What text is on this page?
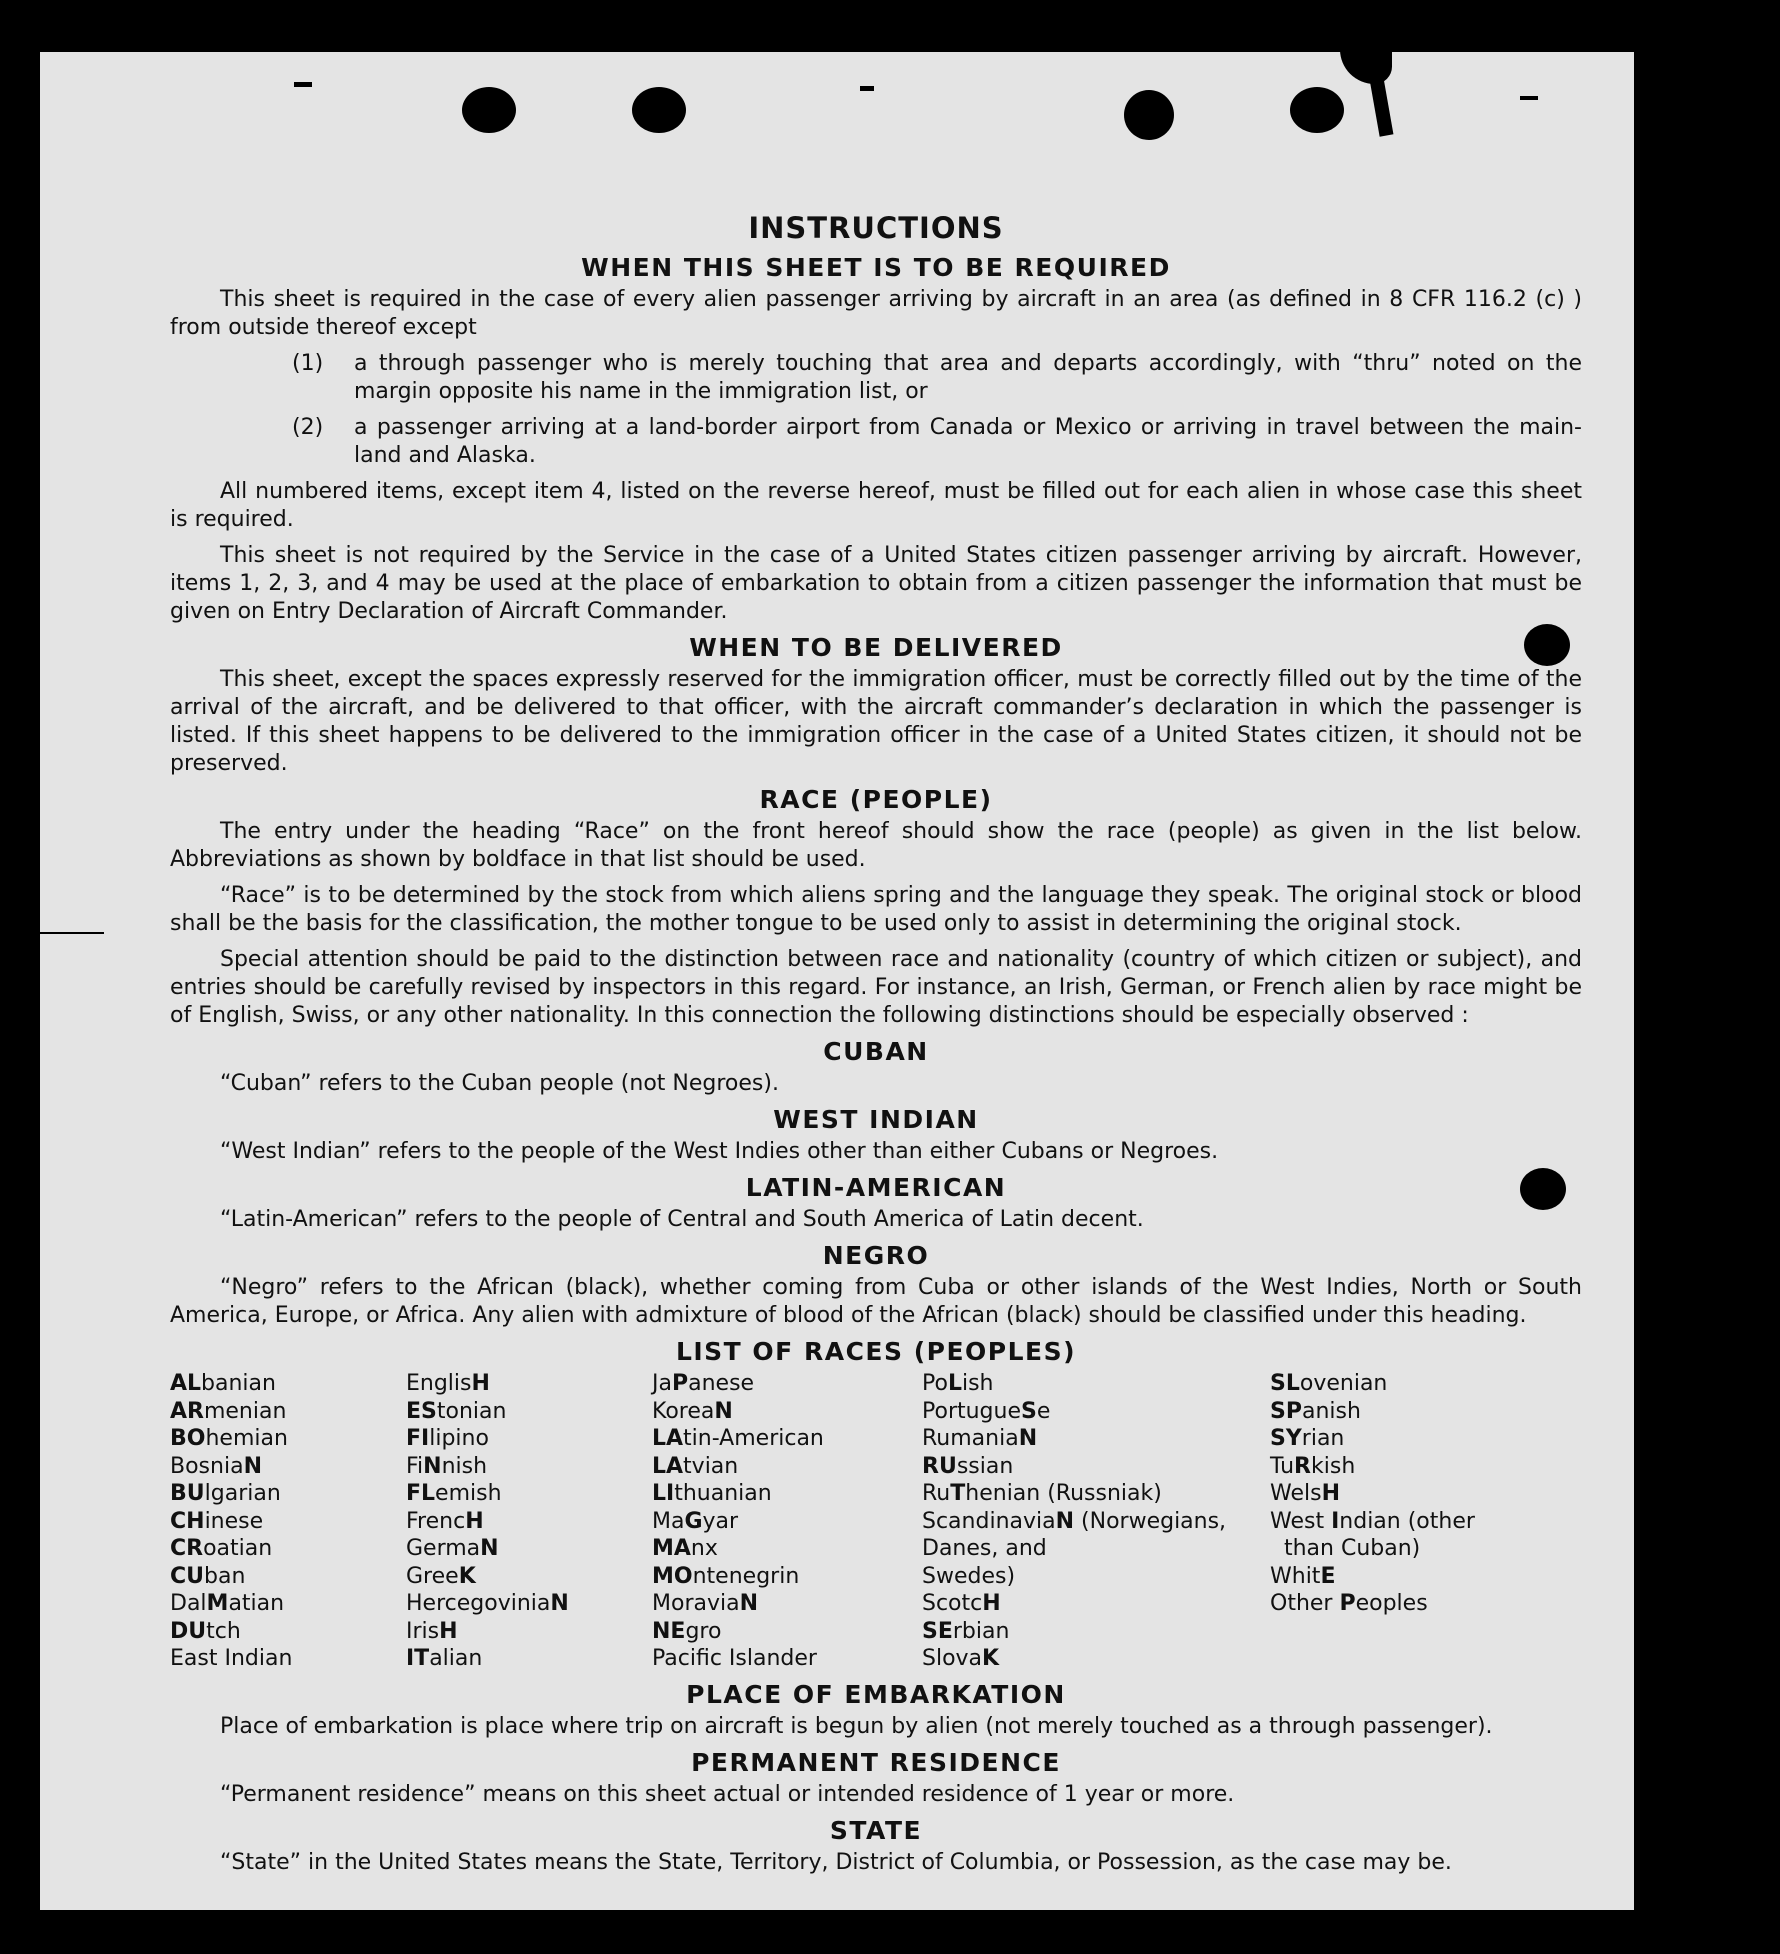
INSTRUCTIONS
WHEN THIS SHEET IS TO BE REQUIRED

This sheet is required in the case of every alien passenger arriving by aircraft in an area (as defined in 8 CFR 116.2 (c) ) from outside thereof except

(1)	a through passenger who is merely touching that area and departs accordingly, with “thru” noted on the margin opposite his name in the immigration list, or
(2)	a passenger arriving at a land-border airport from Canada or Mexico or arriving in travel between the main-land and Alaska.

All numbered items, except item 4, listed on the reverse hereof, must be filled out for each alien in whose case this sheet is required.

This sheet is not required by the Service in the case of a United States citizen passenger arriving by aircraft. However, items 1, 2, 3, and 4 may be used at the place of embarkation to obtain from a citizen passenger the information that must be given on Entry Declaration of Aircraft Commander.

WHEN TO BE DELIVERED

This sheet, except the spaces expressly reserved for the immigration officer, must be correctly filled out by the time of the arrival of the aircraft, and be delivered to that officer, with the aircraft commander’s declaration in which the passenger is listed. If this sheet happens to be delivered to the immigration officer in the case of a United States citizen, it should not be preserved.

RACE (PEOPLE)

The entry under the heading “Race” on the front hereof should show the race (people) as given in the list below. Abbreviations as shown by boldface in that list should be used.

“Race” is to be determined by the stock from which aliens spring and the language they speak. The original stock or blood shall be the basis for the classification, the mother tongue to be used only to assist in determining the original stock.

Special attention should be paid to the distinction between race and nationality (country of which citizen or subject), and entries should be carefully revised by inspectors in this regard. For instance, an Irish, German, or French alien by race might be of English, Swiss, or any other nationality. In this connection the following distinctions should be especially observed :

CUBAN
“Cuban” refers to the Cuban people (not Negroes).
WEST INDIAN
“West Indian” refers to the people of the West Indies other than either Cubans or Negroes.
LATIN-AMERICAN
“Latin-American” refers to the people of Central and South America of Latin decent.
NEGRO

“Negro” refers to the African (black), whether coming from Cuba or other islands of the West Indies, North or South America, Europe, or Africa. Any alien with admixture of blood of the African (black) should be classified under this heading.

LIST OF RACES (PEOPLES)
ALbanian
ARmenian
BOhemian
BosniaN
BUlgarian
CHinese
CRoatian
CUban
DalMatian
DUtch
East Indian
EnglisH
EStonian
FIlipino
FiNnish
FLemish
FrencH
GermaN
GreeK
HercegoviniaN
IrisH
ITalian
JaPanese
KoreaN
LAtin-American
LAtvian
LIthuanian
MaGyar
MAnx
MOntenegrin
MoraviaN
NEgro
Pacific Islander
PoLish
PortugueSe
RumaniaN
RUssian
RuThenian (Russniak)
ScandinaviaN (Norwegians,
Danes, and
Swedes)
ScotcH
SErbian
SlovaK
SLovenian
SPanish
SYrian
TuRkish
WelsH
West Indian (other
than Cuban)
WhitE
Other Peoples
PLACE OF EMBARKATION
Place of embarkation is place where trip on aircraft is begun by alien (not merely touched as a through passenger).
PERMANENT RESIDENCE
“Permanent residence” means on this sheet actual or intended residence of 1 year or more.
STATE
“State” in the United States means the State, Territory, District of Columbia, or Possession, as the case may be.
